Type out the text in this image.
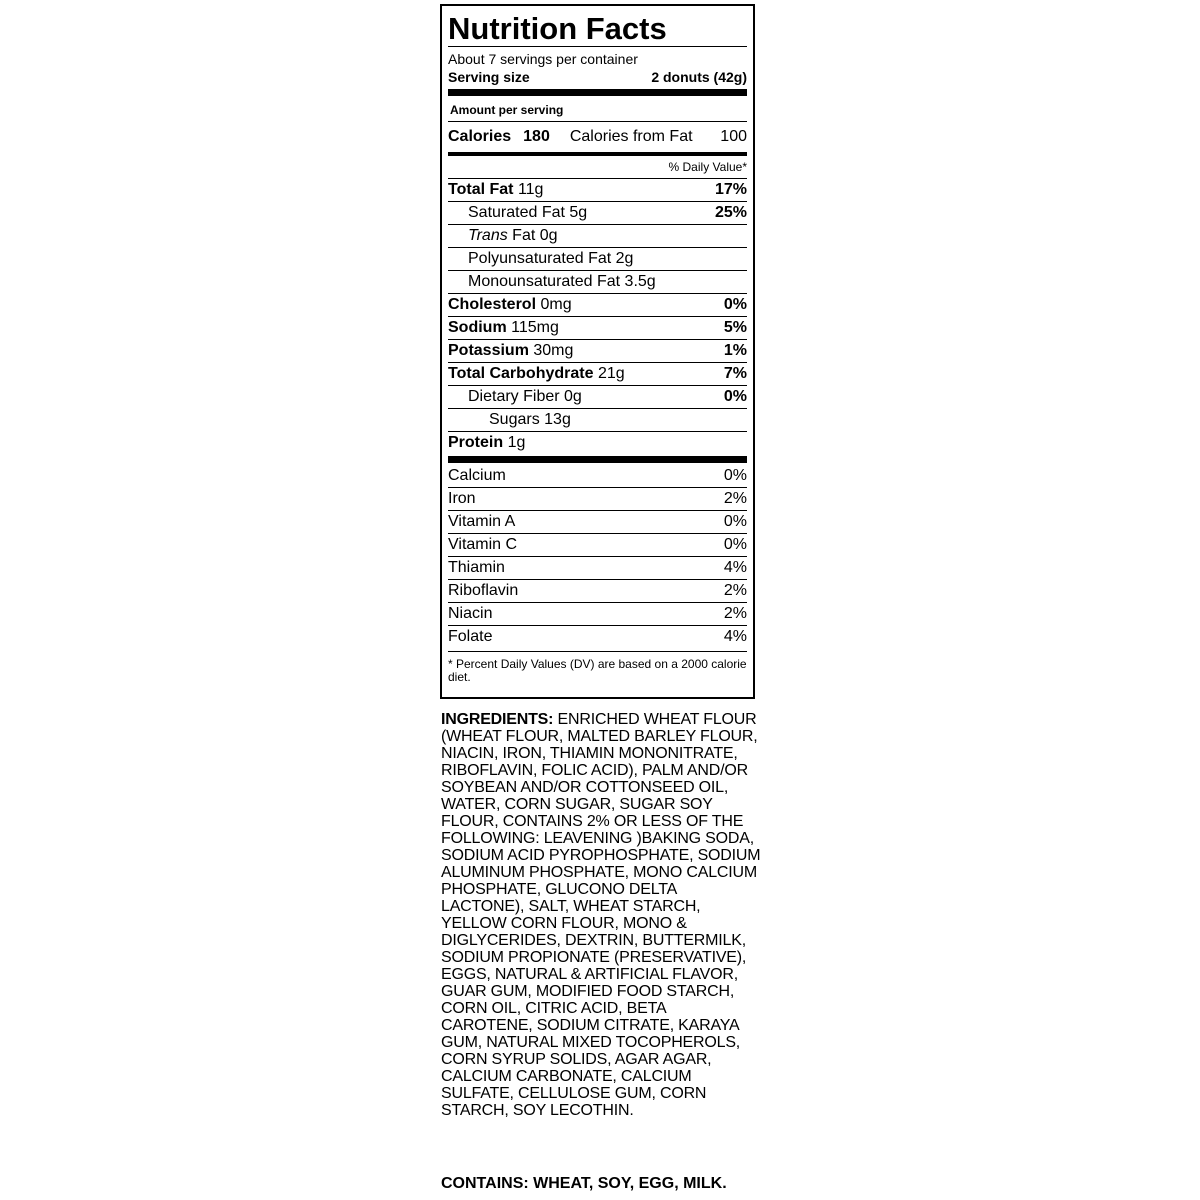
Nutrition Facts
About 7 servings per container
Serving size	2 donuts (42g)
Amount per serving
Calories 180 Calories from Fat 100
% Daily Value*
Total Fat 11g	17%
Saturated Fat 5g	25%
Trans Fat 0g
Polyunsaturated Fat 2g
Monounsaturated Fat 3.5g
Cholesterol 0mg	0%
Sodium 115mg	5%
Potassium 30mg	1%
Total Carbohydrate 21g	7%
Dietary Fiber 0g	0%
Sugars 13g
Protein 1g
Calcium	0%
Iron	2%
Vitamin A	0%
Vitamin C	0%
Thiamin	4%
Riboflavin	2%
Niacin	2%
Folate	4%
* Percent Daily Values (DV) are based on a 2000 calorie diet.
INGREDIENTS: ENRICHED WHEAT FLOUR (WHEAT FLOUR, MALTED BARLEY FLOUR, NIACIN, IRON, THIAMIN MONONITRATE, RIBOFLAVIN, FOLIC ACID), PALM AND/OR SOYBEAN AND/OR COTTONSEED OIL, WATER, CORN SUGAR, SUGAR SOY FLOUR, CONTAINS 2% OR LESS OF THE FOLLOWING: LEAVENING )BAKING SODA, SODIUM ACID PYROPHOSPHATE, SODIUM ALUMINUM PHOSPHATE, MONO CALCIUM PHOSPHATE, GLUCONO DELTA LACTONE), SALT, WHEAT STARCH, YELLOW CORN FLOUR, MONO & DIGLYCERIDES, DEXTRIN, BUTTERMILK, SODIUM PROPIONATE (PRESERVATIVE), EGGS, NATURAL & ARTIFICIAL FLAVOR, GUAR GUM, MODIFIED FOOD STARCH, CORN OIL, CITRIC ACID, BETA CAROTENE, SODIUM CITRATE, KARAYA GUM, NATURAL MIXED TOCOPHEROLS, CORN SYRUP SOLIDS, AGAR AGAR, CALCIUM CARBONATE, CALCIUM SULFATE, CELLULOSE GUM, CORN STARCH, SOY LECOTHIN.
CONTAINS: WHEAT, SOY, EGG, MILK.
